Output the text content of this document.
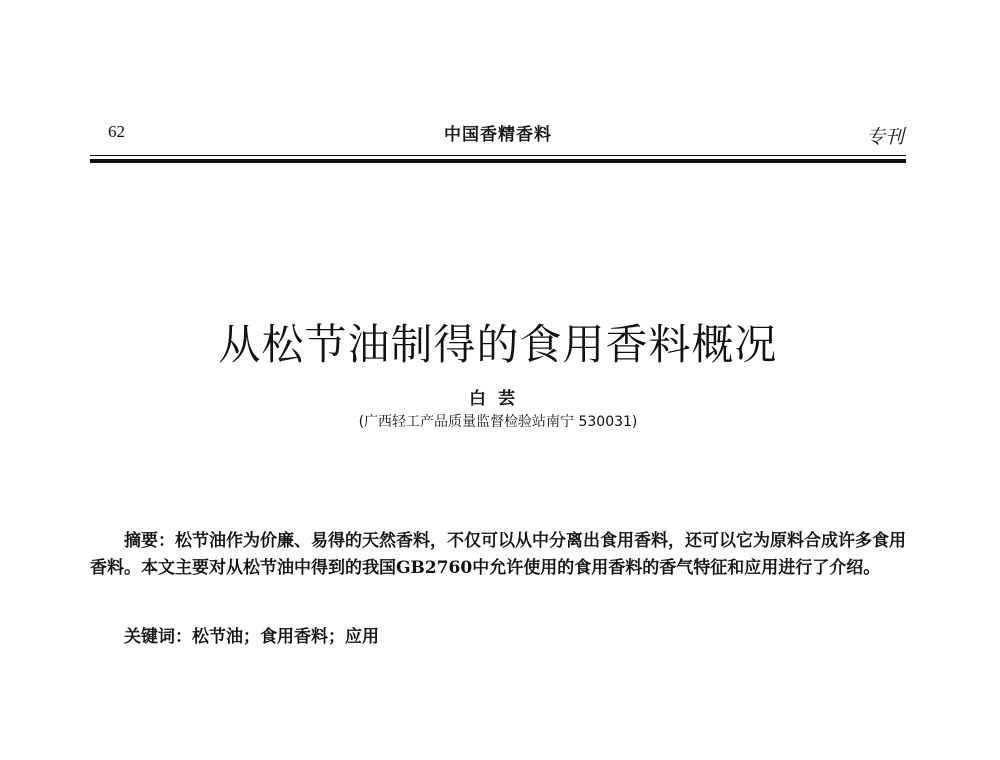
62	中国香精香料	专刊
从松节油制得的食用香料概况
白芸
(广西轻工产品质量监督检验站南宁 530031)

摘要：松节油作为价廉、易得的天然香料，不仅可以从中分离出食用香料，还可以它为原料合成许多食用香料。本文主要对从松节油中得到的我国GB2760中允许使用的食用香料的香气特征和应用进行了介绍。

关键词：松节油；食用香料；应用
